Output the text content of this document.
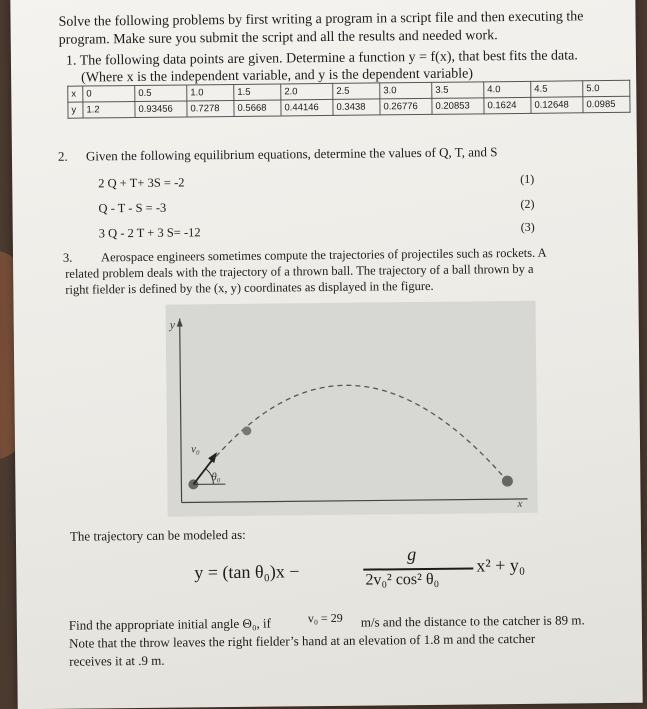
Solve the following problems by first writing a program in a script file and then executing the
program. Make sure you submit the script and all the results and needed work.
1. The following data points are given. Determine a function y = f(x), that best fits the data.
(Where x is the independent variable, and y is the dependent variable)
x	0	0.5	1.0	1.5	2.0	2.5	3.0	3.5	4.0	4.5	5.0
y	1.2	0.93456	0.7278	0.5668	0.44146	0.3438	0.26776	0.20853	0.1624	0.12648	0.0985
2. Given the following equilibrium equations, determine the values of Q, T, and S
2 Q + T+ 3S = -2	(1)
Q - T - S = -3	(2)
3 Q - 2 T + 3 S= -12	(3)
3. Aerospace engineers sometimes compute the trajectories of projectiles such as rockets. A
related problem deals with the trajectory of a thrown ball. The trajectory of a ball thrown by a
right fielder is defined by the (x, y) coordinates as displayed in the figure.
y
x
v₀
θ₀
The trajectory can be modeled as:
y = (tan θ₀)x −
g
2v₀² cos² θ₀
x² + y₀
Find the appropriate initial angle Θ₀, if	v₀ = 29 m/s and the distance to the catcher is 89 m.
Note that the throw leaves the right fielder’s hand at an elevation of 1.8 m and the catcher
receives it at .9 m.
